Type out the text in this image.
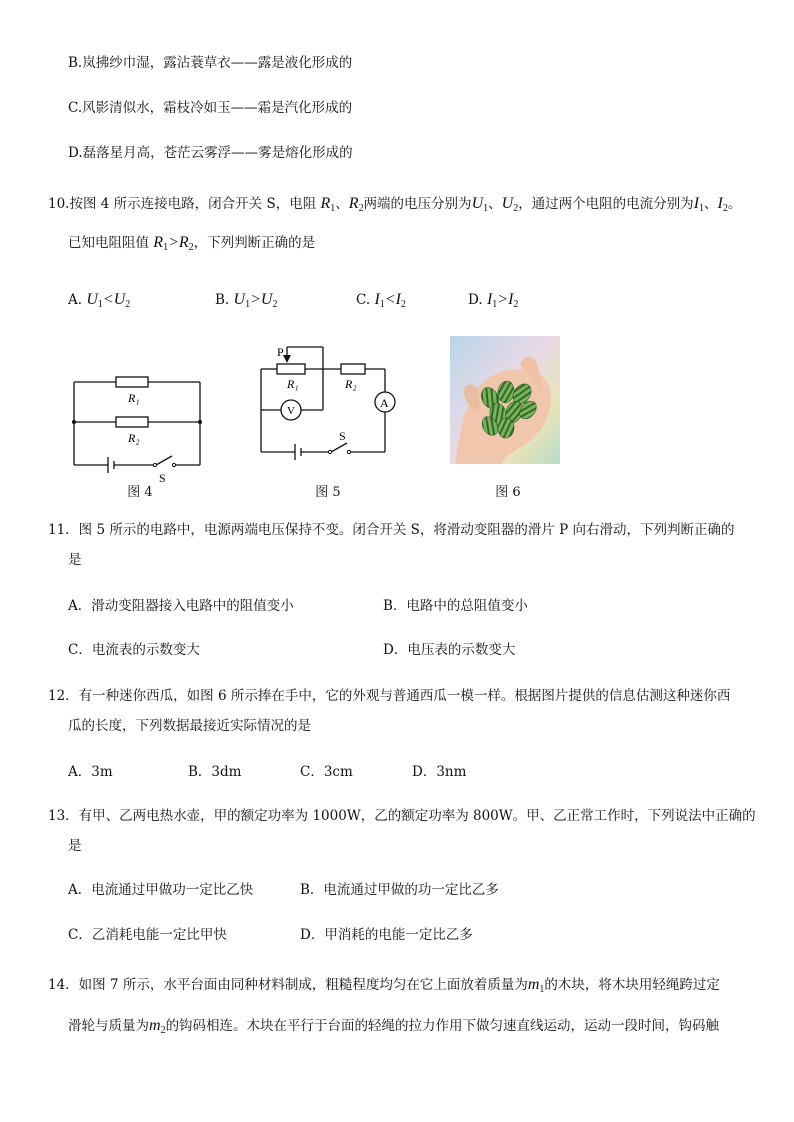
B.岚拂纱巾湿，露沾蓑草衣——露是液化形成的
C.风影清似水，霜枝冷如玉——霜是汽化形成的
D.磊落星月高，苍茫云雾浮——雾是熔化形成的
10.按图 4 所示连接电路，闭合开关 S，电阻 $R_1$、$R_2$两端的电压分别为$U_1$、$U_2$，通过两个电阻的电流分别为$I_1$、$I_2$。
已知电阻阻值 $R_1>R_2$，下列判断正确的是
A. $U_1<U_2$	B. $U_1>U_2$	C. $I_1<I_2$	D. $I_1>I_2$
R₁
R₂
S
图 4
P
R₁	R₂
V
A
S
图 5	图 6
11．图 5 所示的电路中，电源两端电压保持不变。闭合开关 S，将滑动变阻器的滑片 P 向右滑动，下列判断正确的
是
A．滑动变阻器接入电路中的阻值变小	B．电路中的总阻值变小
C．电流表的示数变大	D．电压表的示数变大
12．有一种迷你西瓜，如图 6 所示捧在手中，它的外观与普通西瓜一模一样。根据图片提供的信息估测这种迷你西
瓜的长度，下列数据最接近实际情况的是
A．3m	B．3dm	C．3cm	D．3nm
13．有甲、乙两电热水壶，甲的额定功率为 1000W，乙的额定功率为 800W。甲、乙正常工作时，下列说法中正确的
是
A．电流通过甲做功一定比乙快	B．电流通过甲做的功一定比乙多
C．乙消耗电能一定比甲快	D．甲消耗的电能一定比乙多
14．如图 7 所示，水平台面由同种材料制成，粗糙程度均匀在它上面放着质量为$m_1$的木块，将木块用轻绳跨过定
滑轮与质量为$m_2$的钩码相连。木块在平行于台面的轻绳的拉力作用下做匀速直线运动，运动一段时间，钩码触
